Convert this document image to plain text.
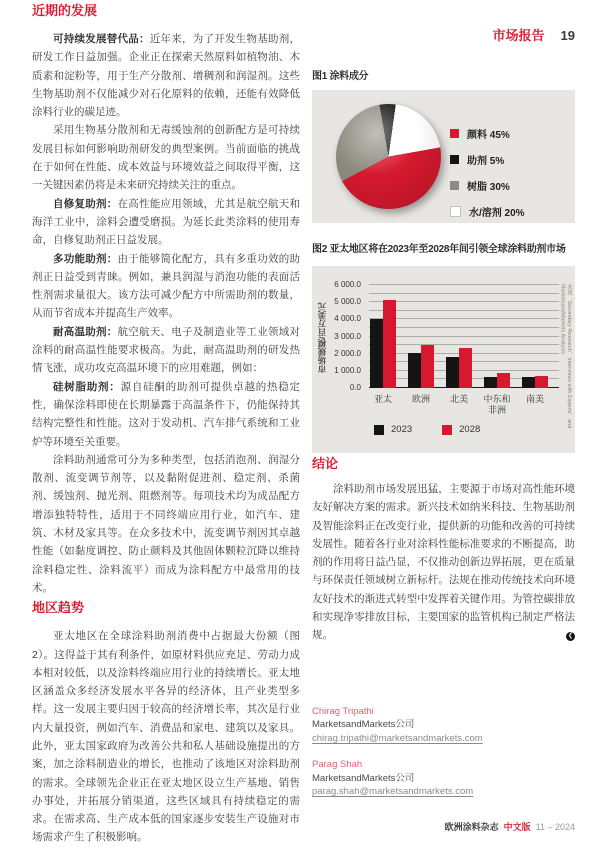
市场报告 19
近期的发展

可持续发展替代品：近年来，为了开发生物基助剂，研发工作日益加强。企业正在探索天然原料如植物油、木质素和淀粉等，用于生产分散剂、增稠剂和润湿剂。这些生物基助剂不仅能减少对石化原料的依赖，还能有效降低涂料行业的碳足迹。

采用生物基分散剂和无毒缓蚀剂的创新配方是可持续发展目标如何影响助剂研发的典型案例。当前面临的挑战在于如何在性能、成本效益与环境效益之间取得平衡，这一关键因素仍将是未来研究持续关注的重点。

自修复助剂：在高性能应用领域，尤其是航空航天和海洋工业中，涂料会遭受磨损。为延长此类涂料的使用寿命，自修复助剂正日益发展。

多功能助剂：由于能够简化配方，具有多重功效的助剂正日益受到青睐。例如，兼具润湿与消泡功能的表面活性剂需求量很大。该方法可减少配方中所需助剂的数量，从而节省成本并提高生产效率。

耐高温助剂：航空航天、电子及制造业等工业领域对涂料的耐高温性能要求极高。为此，耐高温助剂的研发热情飞涨，成功攻克高温环境下的应用难题，例如：

硅树脂助剂：源自硅酮的助剂可提供卓越的热稳定性，确保涂料即使在长期暴露于高温条件下，仍能保持其结构完整性和性能。这对于发动机、汽车排气系统和工业炉等环境至关重要。

涂料助剂通常可分为多种类型，包括消泡剂、润湿分散剂、流变调节剂等，以及黏附促进剂、稳定剂、杀菌剂、缓蚀剂、抛光剂、阻燃剂等。每项技术均为成品配方增添独特特性，适用于不同终端应用行业，如汽车、建筑、木材及家具等。在众多技术中，流变调节剂因其卓越性能（如黏度调控、防止颜料及其他固体颗粒沉降以维持涂料稳定性、涂料流平）而成为涂料配方中最常用的技术。

地区趋势

亚太地区在全球涂料助剂消费中占据最大份额（图2）。这得益于其有利条件，如原材料供应充足、劳动力成本相对较低，以及涂料终端应用行业的持续增长。亚太地区涵盖众多经济发展水平各异的经济体，且产业类型多样。这一发展主要归因于较高的经济增长率，其次是行业内大量投资，例如汽车、消费品和家电、建筑以及家具。此外，亚太国家政府为改善公共和私人基础设施提出的方案，加之涂料制造业的增长，也推动了该地区对涂料助剂的需求。全球领先企业正在亚太地区设立生产基地、销售办事处，并拓展分销渠道，这些区域具有持续稳定的需求。在需求高、生产成本低的国家逐步安装生产设施对市场需求产生了积极影响。

图1 涂料成分
颜料 45%
助剂 5%
树脂 30%
水/溶剂 20%
图2 亚太地区将在2023年至2028年间引领全球涂料助剂市场
市场规模/百万美元
0.0
1 000.0
2 000.0
3 000.0
4 000.0
5 000.0
6 000.0
亚太	欧洲	北美	中东和非洲
南美
2023	2028
来源：Secondary Research，Interviews with Experts，and MarketsandMarkets Analysis
结论

涂料助剂市场发展迅猛，主要源于市场对高性能环境友好解决方案的需求。新兴技术如纳米科技、生物基助剂及智能涂料正在改变行业，提供新的功能和改善的可持续发展性。随着各行业对涂料性能标准要求的不断提高，助剂的作用将日益凸显，不仅推动创新边界拓展，更在质量与环保责任领域树立新标杆。法规在推动传统技术向环境友好技术的渐进式转型中发挥着关键作用。为管控碳排放和实现净零排放目标，主要国家的监管机构已制定严格法规。	❮
Chirag Tripathi
MarketsandMarkets公司
chirag.tripathi@marketsandmarkets.com
Parag Shah
MarketsandMarkets公司
parag.shah@marketsandmarkets.com
欧洲涂料杂志 中文版 11 – 2024
